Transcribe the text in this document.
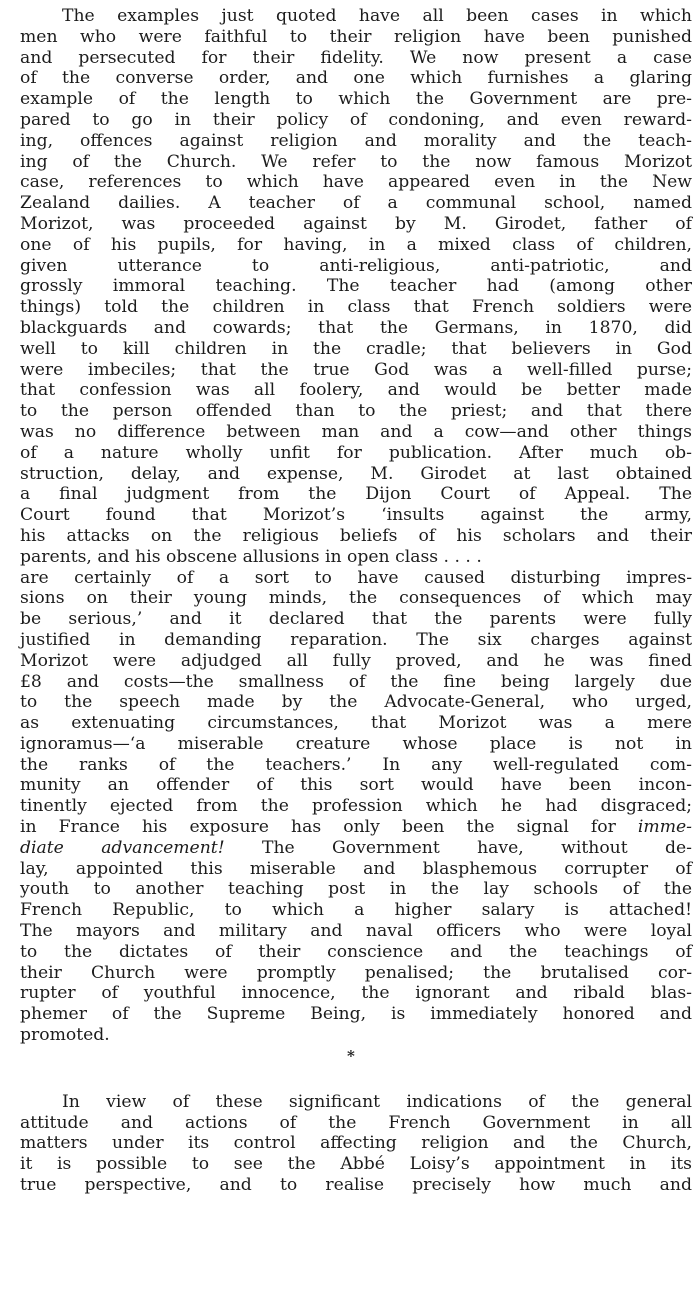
The examples just quoted have all been cases in which
men who were faithful to their religion have been punished
and persecuted for their fidelity. We now present a case
of the converse order, and one which furnishes a glaring
example of the length to which the Government are pre-
pared to go in their policy of condoning, and even reward-
ing, offences against religion and morality and the teach-
ing of the Church. We refer to the now famous Morizot
case, references to which have appeared even in the New
Zealand dailies. A teacher of a communal school, named
Morizot, was proceeded against by M. Girodet, father of
one of his pupils, for having, in a mixed class of children,
given utterance to anti-religious, anti-patriotic, and
grossly immoral teaching. The teacher had (among other
things) told the children in class that French soldiers were
blackguards and cowards; that the Germans, in 1870, did
well to kill children in the cradle; that believers in God
were imbeciles; that the true God was a well-filled purse;
that confession was all foolery, and would be better made
to the person offended than to the priest; and that there
was no difference between man and a cow—and other things
of a nature wholly unfit for publication. After much ob-
struction, delay, and expense, M. Girodet at last obtained
a final judgment from the Dijon Court of Appeal. The
Court found that Morizot’s ‘insults against the army,
his attacks on the religious beliefs of his scholars and their
parents, and his obscene allusions in open class . . . .
are certainly of a sort to have caused disturbing impres-
sions on their young minds, the consequences of which may
be serious,’ and it declared that the parents were fully
justified in demanding reparation. The six charges against
Morizot were adjudged all fully proved, and he was fined
£8 and costs—the smallness of the fine being largely due
to the speech made by the Advocate-General, who urged,
as extenuating circumstances, that Morizot was a mere
ignoramus—‘a miserable creature whose place is not in
the ranks of the teachers.’ In any well-regulated com-
munity an offender of this sort would have been incon-
tinently ejected from the profession which he had disgraced;
in France his exposure has only been the signal for imme-
diate advancement! The Government have, without de-
lay, appointed this miserable and blasphemous corrupter of
youth to another teaching post in the lay schools of the
French Republic, to which a higher salary is attached!
The mayors and military and naval officers who were loyal
to the dictates of their conscience and the teachings of
their Church were promptly penalised; the brutalised cor-
rupter of youthful innocence, the ignorant and ribald blas-
phemer of the Supreme Being, is immediately honored and
promoted.
*
In view of these significant indications of the general
attitude and actions of the French Government in all
matters under its control affecting religion and the Church,
it is possible to see the Abbé Loisy’s appointment in its
true perspective, and to realise precisely how much and
